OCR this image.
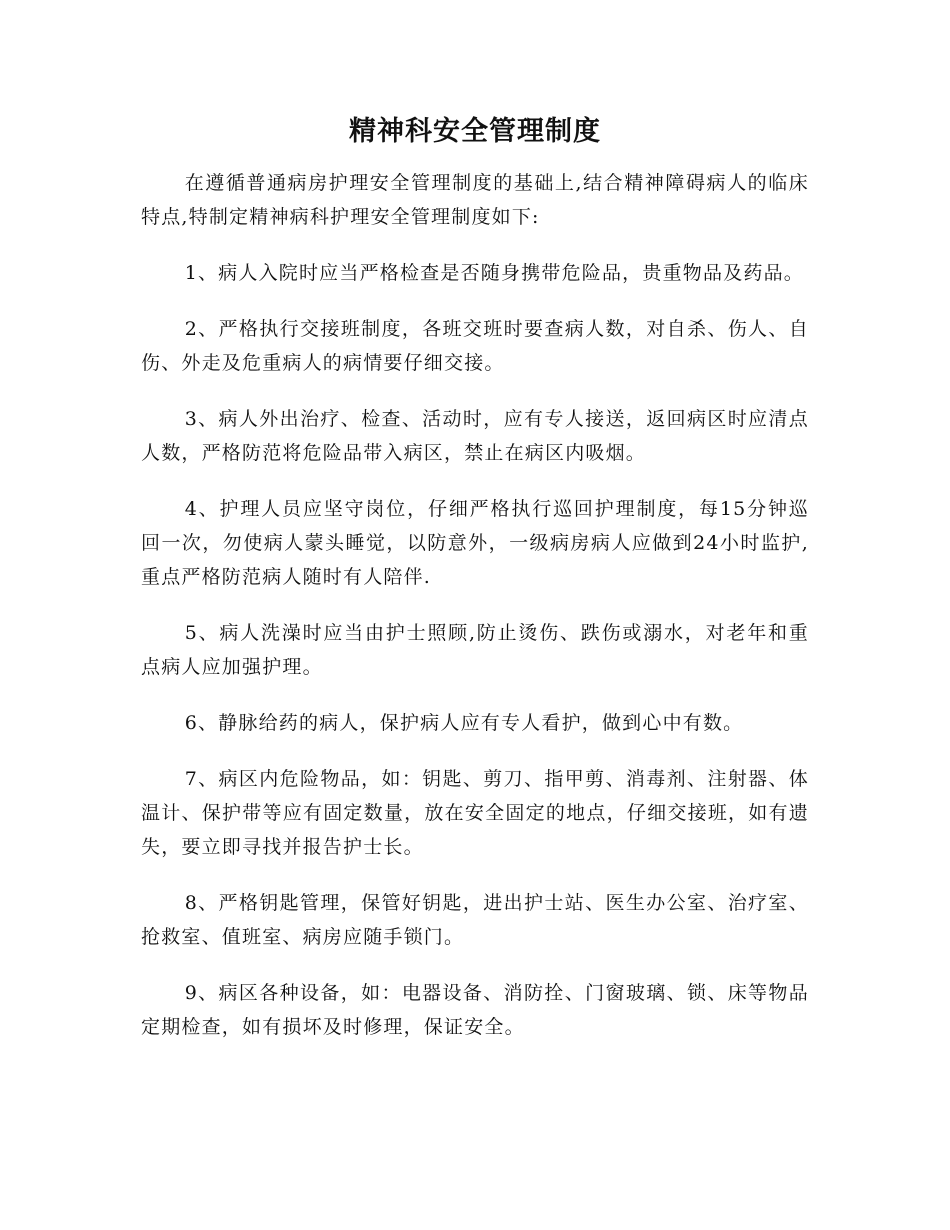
精神科安全管理制度

在遵循普通病房护理安全管理制度的基础上,结合精神障碍病人的临床特点,特制定精神病科护理安全管理制度如下:

1、病人入院时应当严格检查是否随身携带危险品，贵重物品及药品。

2、严格执行交接班制度，各班交班时要查病人数，对自杀、伤人、自伤、外走及危重病人的病情要仔细交接。

3、病人外出治疗、检查、活动时，应有专人接送，返回病区时应清点人数，严格防范将危险品带入病区，禁止在病区内吸烟。

4、护理人员应坚守岗位，仔细严格执行巡回护理制度，每15分钟巡回一次，勿使病人蒙头睡觉，以防意外，一级病房病人应做到24小时监护,重点严格防范病人随时有人陪伴.

5、病人洗澡时应当由护士照顾,防止烫伤、跌伤或溺水，对老年和重点病人应加强护理。

6、静脉给药的病人，保护病人应有专人看护，做到心中有数。

7、病区内危险物品，如：钥匙、剪刀、指甲剪、消毒剂、注射器、体温计、保护带等应有固定数量，放在安全固定的地点，仔细交接班，如有遗失，要立即寻找并报告护士长。

8、严格钥匙管理，保管好钥匙，进出护士站、医生办公室、治疗室、抢救室、值班室、病房应随手锁门。

9、病区各种设备，如：电器设备、消防拴、门窗玻璃、锁、床等物品定期检查，如有损坏及时修理，保证安全。
